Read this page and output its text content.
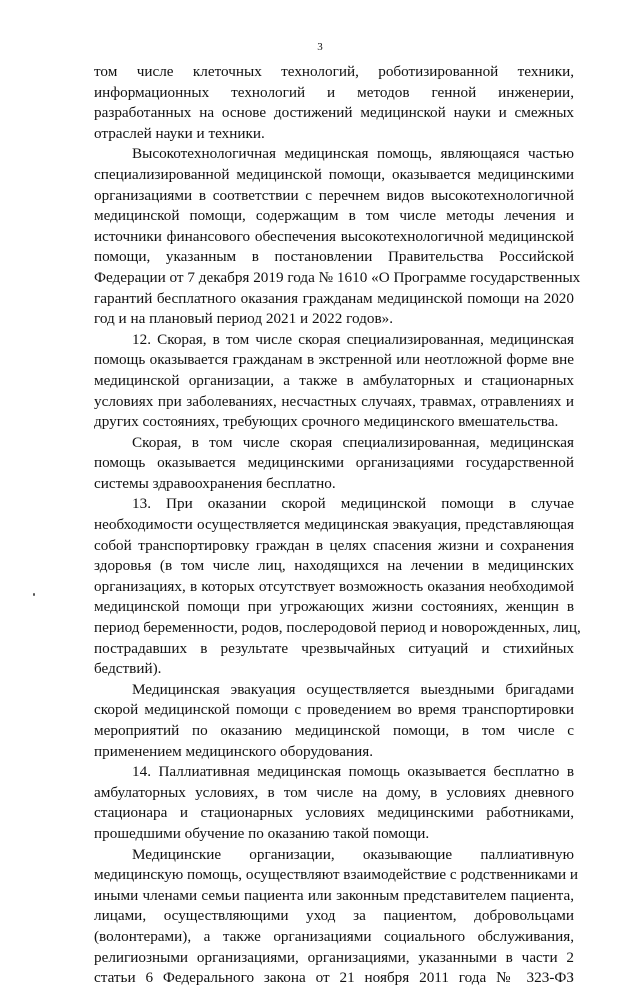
3
том числе клеточных технологий, роботизированной техники,
информационных технологий и методов генной инженерии,
разработанных на основе достижений медицинской науки и смежных
отраслей науки и техники.
Высокотехнологичная медицинская помощь, являющаяся частью
специализированной медицинской помощи, оказывается медицинскими
организациями в соответствии с перечнем видов высокотехнологичной
медицинской помощи, содержащим в том числе методы лечения и
источники финансового обеспечения высокотехнологичной медицинской
помощи, указанным в постановлении Правительства Российской
Федерации от 7 декабря 2019 года № 1610 «О Программе государственных
гарантий бесплатного оказания гражданам медицинской помощи на 2020
год и на плановый период 2021 и 2022 годов».
12. Скорая, в том числе скорая специализированная, медицинская
помощь оказывается гражданам в экстренной или неотложной форме вне
медицинской организации, а также в амбулаторных и стационарных
условиях при заболеваниях, несчастных случаях, травмах, отравлениях и
других состояниях, требующих срочного медицинского вмешательства.
Скорая, в том числе скорая специализированная, медицинская
помощь оказывается медицинскими организациями государственной
системы здравоохранения бесплатно.
13. При оказании скорой медицинской помощи в случае
необходимости осуществляется медицинская эвакуация, представляющая
собой транспортировку граждан в целях спасения жизни и сохранения
здоровья (в том числе лиц, находящихся на лечении в медицинских
организациях, в которых отсутствует возможность оказания необходимой
медицинской помощи при угрожающих жизни состояниях, женщин в
период беременности, родов, послеродовой период и новорожденных, лиц,
пострадавших в результате чрезвычайных ситуаций и стихийных
бедствий).
Медицинская эвакуация осуществляется выездными бригадами
скорой медицинской помощи с проведением во время транспортировки
мероприятий по оказанию медицинской помощи, в том числе с
применением медицинского оборудования.
14. Паллиативная медицинская помощь оказывается бесплатно в
амбулаторных условиях, в том числе на дому, в условиях дневного
стационара и стационарных условиях медицинскими работниками,
прошедшими обучение по оказанию такой помощи.
Медицинские организации, оказывающие паллиативную
медицинскую помощь, осуществляют взаимодействие с родственниками и
иными членами семьи пациента или законным представителем пациента,
лицами, осуществляющими уход за пациентом, добровольцами
(волонтерами), а также организациями социального обслуживания,
религиозными организациями, организациями, указанными в части 2
статьи 6 Федерального закона от 21 ноября 2011 года № 323-ФЗ
